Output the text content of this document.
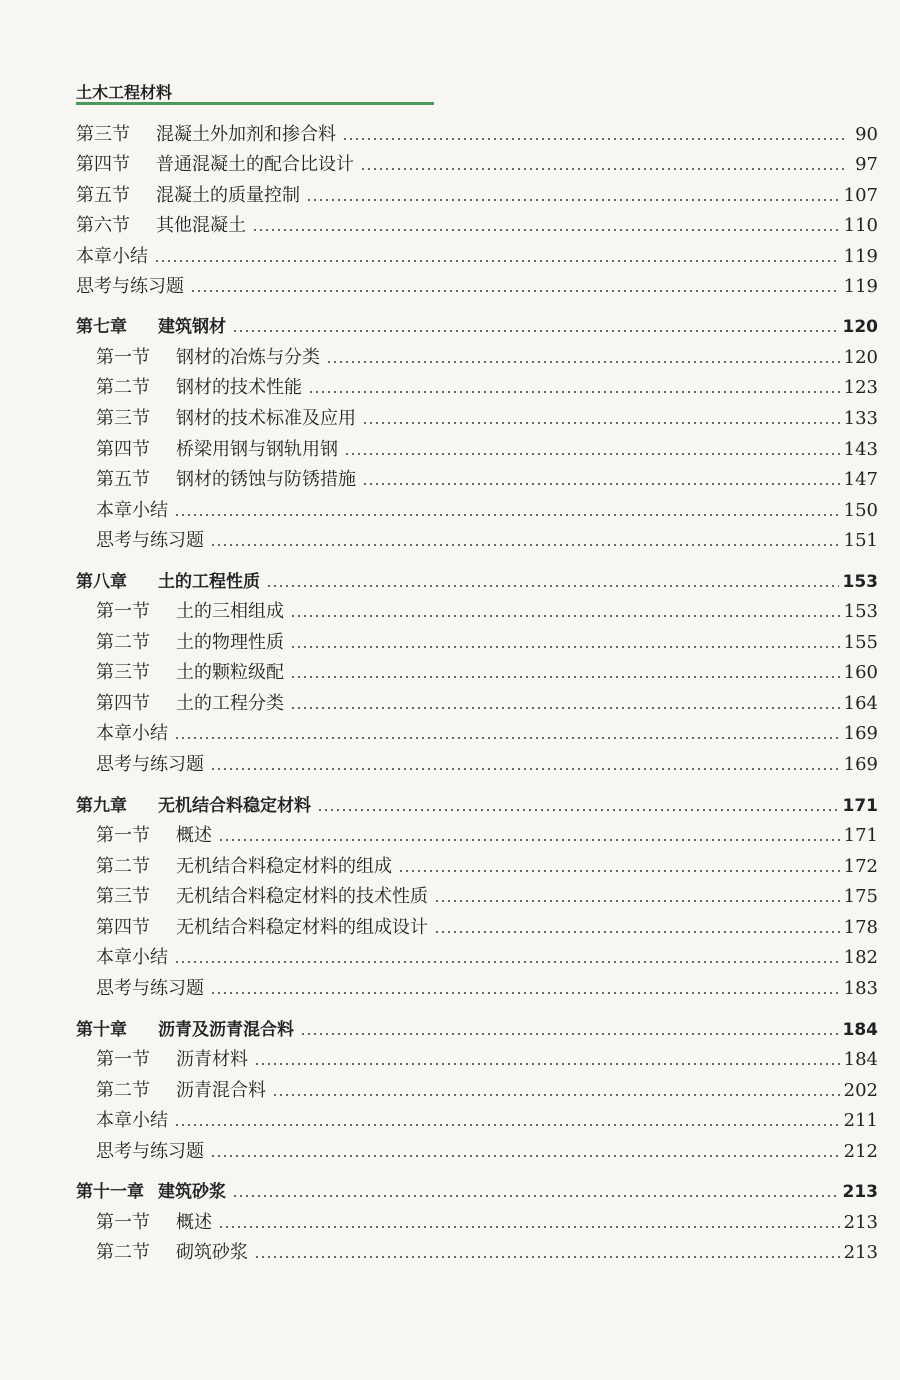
土木工程材料
第三节	混凝土外加剂和掺合料	90
第四节	普通混凝土的配合比设计	97
第五节	混凝土的质量控制	107
第六节	其他混凝土	110
本章小结	119
思考与练习题	119
第七章	建筑钢材	120
第一节	钢材的冶炼与分类	120
第二节	钢材的技术性能	123
第三节	钢材的技术标准及应用	133
第四节	桥梁用钢与钢轨用钢	143
第五节	钢材的锈蚀与防锈措施	147
本章小结	150
思考与练习题	151
第八章	土的工程性质	153
第一节	土的三相组成	153
第二节	土的物理性质	155
第三节	土的颗粒级配	160
第四节	土的工程分类	164
本章小结	169
思考与练习题	169
第九章	无机结合料稳定材料	171
第一节	概述	171
第二节	无机结合料稳定材料的组成	172
第三节	无机结合料稳定材料的技术性质	175
第四节	无机结合料稳定材料的组成设计	178
本章小结	182
思考与练习题	183
第十章	沥青及沥青混合料	184
第一节	沥青材料	184
第二节	沥青混合料	202
本章小结	211
思考与练习题	212
第十一章 建筑砂浆	213
第一节	概述	213
第二节	砌筑砂浆	213
